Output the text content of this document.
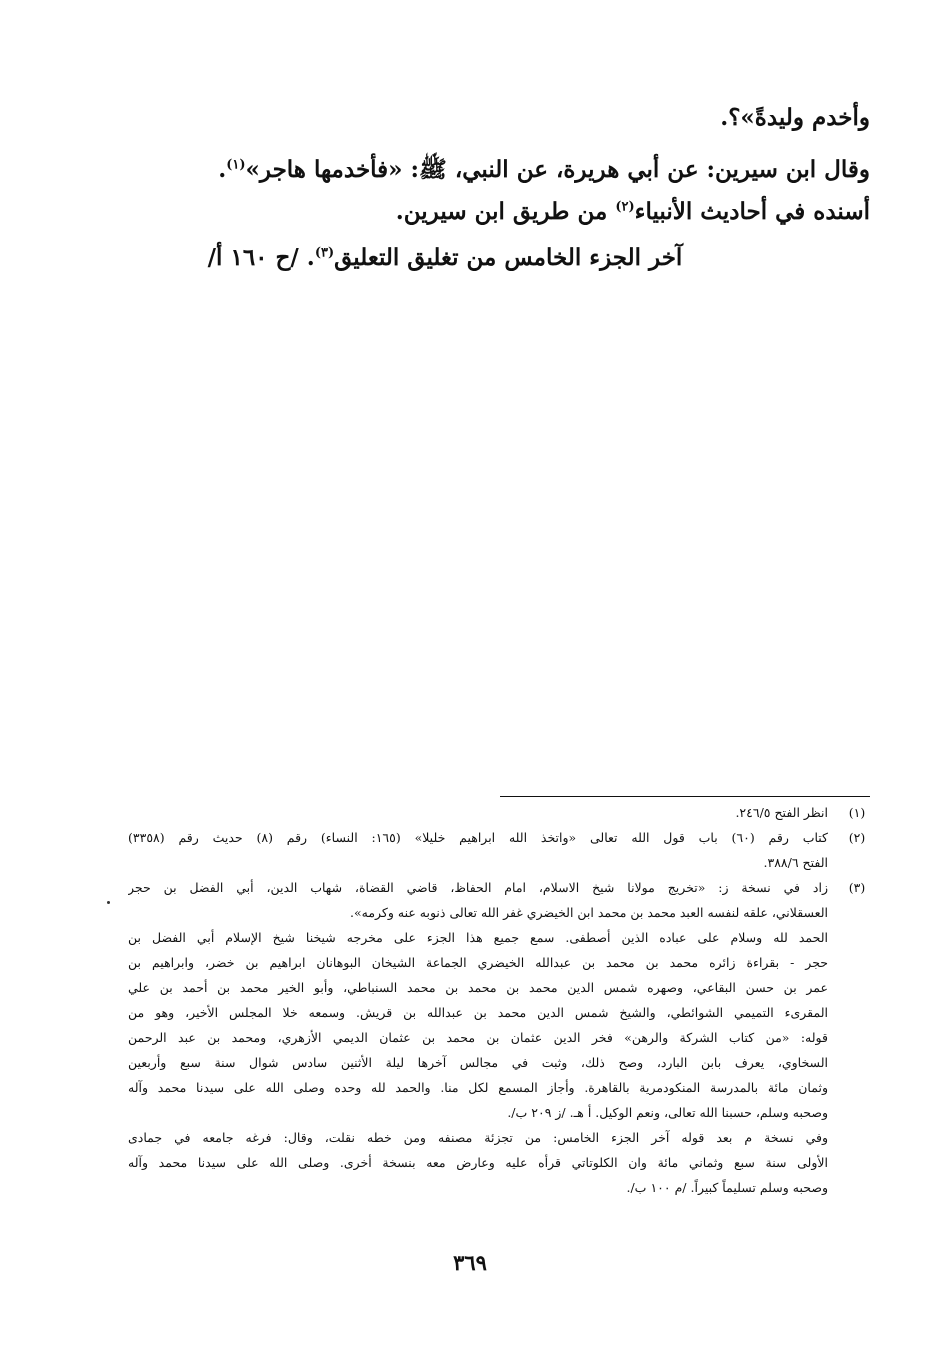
وأخدم وليدةً»؟.
وقال ابن سيرين: عن أبي هريرة، عن النبي، ﷺ: «فأخدمها هاجر»$^{(١)}$.
أسنده في أحاديث الأنبياء$^{(٢)}$ من طريق ابن سيرين.
آخر الجزء الخامس من تغليق التعليق$^{(٣)}$. /ح ١٦٠ أ/
(١)
انظر الفتح ٢٤٦/٥.
(٢)
كتاب رقم (٦٠) باب قول الله تعالى «واتخذ الله ابراهيم خليلا» (١٦٥: النساء) رقم (٨) حديث رقم (٣٣٥٨)
الفتح ٣٨٨/٦.
(٣)
زاد في نسخة ز: «تخريج مولانا شيخ الاسلام، امام الحفاظ، قاضي القضاة، شهاب الدين، أبي الفضل بن حجر
العسقلاني، علقه لنفسه العبد محمد بن محمد ابن الخيضري غفر الله تعالى ذنوبه عنه وكرمه».
الحمد لله وسلام على عباده الذين أصطفى. سمع جميع هذا الجزء على مخرجه شيخنا شيخ الإسلام أبي الفضل بن
حجر - بقراءة زائره محمد بن محمد بن عبدالله الخيضري الجماعة الشيخان البوهانان ابراهيم بن خضر، وابراهيم بن
عمر بن حسن البقاعي، وصهره شمس الدين محمد بن محمد بن محمد السنباطي، وأبو الخير محمد بن أحمد بن علي
المقرىء التميمي الشوائطي، والشيخ شمس الدين محمد بن عبدالله بن قريش. وسمعه خلا المجلس الأخير، وهو من
قوله: «من كتاب الشركة والرهن» فخر الدين عثمان بن محمد بن عثمان الديمي الأزهري، ومحمد بن عبد الرحمن
السخاوي، يعرف بابن البارد، وصح ذلك، وثبت في مجالس آخرها ليلة الأثنين سادس شوال سنة سبع وأربعين
وثمان مائة بالمدرسة المنكودمرية بالقاهرة. وأجاز المسمع لكل منا. والحمد لله وحده وصلى الله على سيدنا محمد وآله
وصحبه وسلم، حسبنا الله تعالى، ونعم الوكيل. أ هـ. /ز ٢٠٩ ب/.
وفي نسخة م بعد قوله آخر الجزء الخامس: من تجزئة مصنفه ومن خطه نقلت، وقال: فرغه جامعه في جمادى
الأولى سنة سبع وثماني مائة وان الكلوتاتي قرأه عليه وعارض معه بنسخة أخرى. وصلى الله على سيدنا محمد وآله
وصحبه وسلم تسليماً كبيراً. /م ١٠٠ ب/.
٣٦٩
